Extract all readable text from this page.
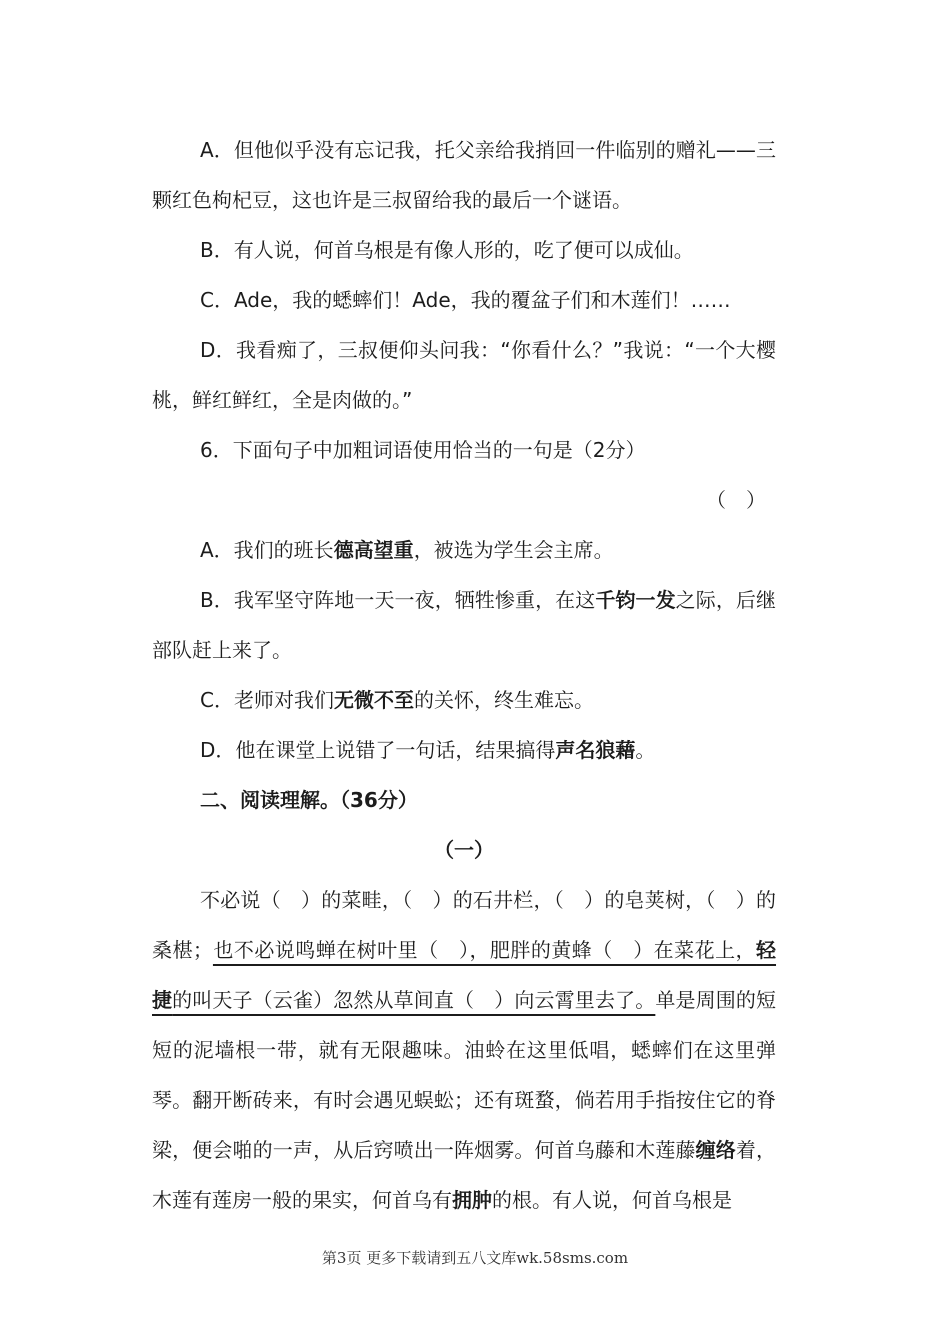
A．但他似乎没有忘记我，托父亲给我捎回一件临别的赠礼——三颗红色枸杞豆，这也许是三叔留给我的最后一个谜语。

B．有人说，何首乌根是有像人形的，吃了便可以成仙。

C．Ade，我的蟋蟀们！Ade，我的覆盆子们和木莲们！……

D．我看痴了，三叔便仰头问我：“你看什么？”我说：“一个大樱桃，鲜红鲜红，全是肉做的。”

6．下面句子中加粗词语使用恰当的一句是（2分）

（　）

A．我们的班长德高望重，被选为学生会主席。

B．我军坚守阵地一天一夜，牺牲惨重，在这千钧一发之际，后继部队赶上来了。

C．老师对我们无微不至的关怀，终生难忘。

D．他在课堂上说错了一句话，结果搞得声名狼藉。

二、阅读理解。（36分）

（一）

不必说（　）的菜畦，（　）的石井栏，（　）的皂荚树，（　）的桑椹；也不必说鸣蝉在树叶里（　），肥胖的黄蜂（　）在菜花上，轻捷的叫天子（云雀）忽然从草间直（　）向云霄里去了。单是周围的短短的泥墙根一带，就有无限趣味。油蛉在这里低唱，蟋蟀们在这里弹琴。翻开断砖来，有时会遇见蜈蚣；还有斑蝥，倘若用手指按住它的脊梁，便会啪的一声，从后窍喷出一阵烟雾。何首乌藤和木莲藤缠络着，木莲有莲房一般的果实，何首乌有拥肿的根。有人说，何首乌根是

第3页 更多下载请到五八文库wk.58sms.com
